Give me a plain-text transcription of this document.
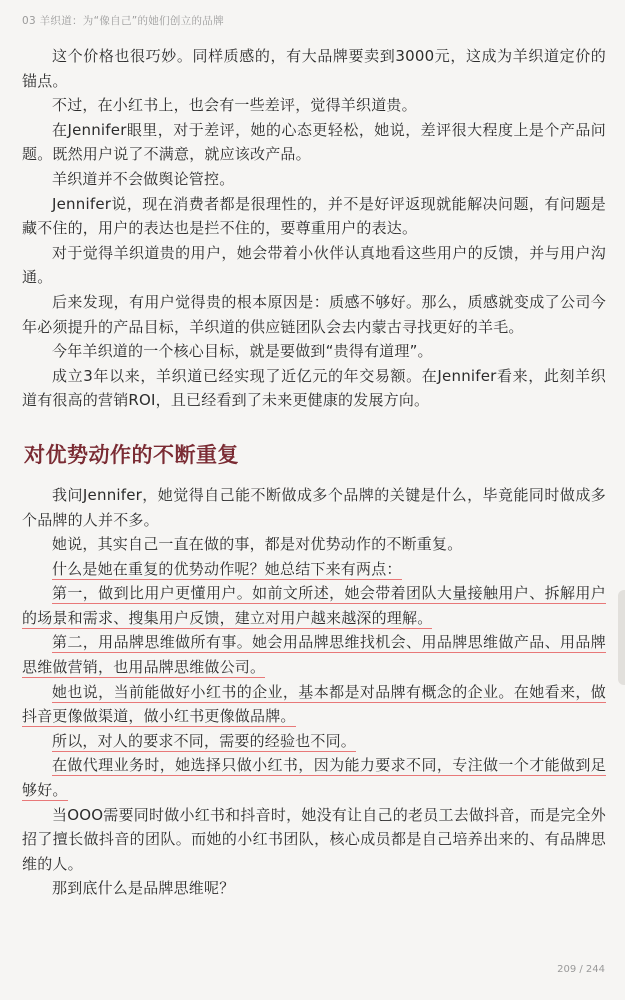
03 羊织道：为“像自己”的她们创立的品牌

这个价格也很巧妙。同样质感的，有大品牌要卖到3000元，这成为羊织道定价的锚点。

不过，在小红书上，也会有一些差评，觉得羊织道贵。

在Jennifer眼里，对于差评，她的心态更轻松，她说，差评很大程度上是个产品问题。既然用户说了不满意，就应该改产品。

羊织道并不会做舆论管控。

Jennifer说，现在消费者都是很理性的，并不是好评返现就能解决问题，有问题是藏不住的，用户的表达也是拦不住的，要尊重用户的表达。

对于觉得羊织道贵的用户，她会带着小伙伴认真地看这些用户的反馈，并与用户沟通。

后来发现，有用户觉得贵的根本原因是：质感不够好。那么，质感就变成了公司今年必须提升的产品目标，羊织道的供应链团队会去内蒙古寻找更好的羊毛。

今年羊织道的一个核心目标，就是要做到“贵得有道理”。

成立3年以来，羊织道已经实现了近亿元的年交易额。在Jennifer看来，此刻羊织道有很高的营销ROI，且已经看到了未来更健康的发展方向。

对优势动作的不断重复

我问Jennifer，她觉得自己能不断做成多个品牌的关键是什么，毕竟能同时做成多个品牌的人并不多。

她说，其实自己一直在做的事，都是对优势动作的不断重复。

什么是她在重复的优势动作呢？她总结下来有两点：

第一，做到比用户更懂用户。如前文所述，她会带着团队大量接触用户、拆解用户的场景和需求、搜集用户反馈，建立对用户越来越深的理解。

第二，用品牌思维做所有事。她会用品牌思维找机会、用品牌思维做产品、用品牌思维做营销，也用品牌思维做公司。

她也说，当前能做好小红书的企业，基本都是对品牌有概念的企业。在她看来，做抖音更像做渠道，做小红书更像做品牌。

所以，对人的要求不同，需要的经验也不同。

在做代理业务时，她选择只做小红书，因为能力要求不同，专注做一个才能做到足够好。

当OOO需要同时做小红书和抖音时，她没有让自己的老员工去做抖音，而是完全外招了擅长做抖音的团队。而她的小红书团队，核心成员都是自己培养出来的、有品牌思维的人。

那到底什么是品牌思维呢？

209 / 244
